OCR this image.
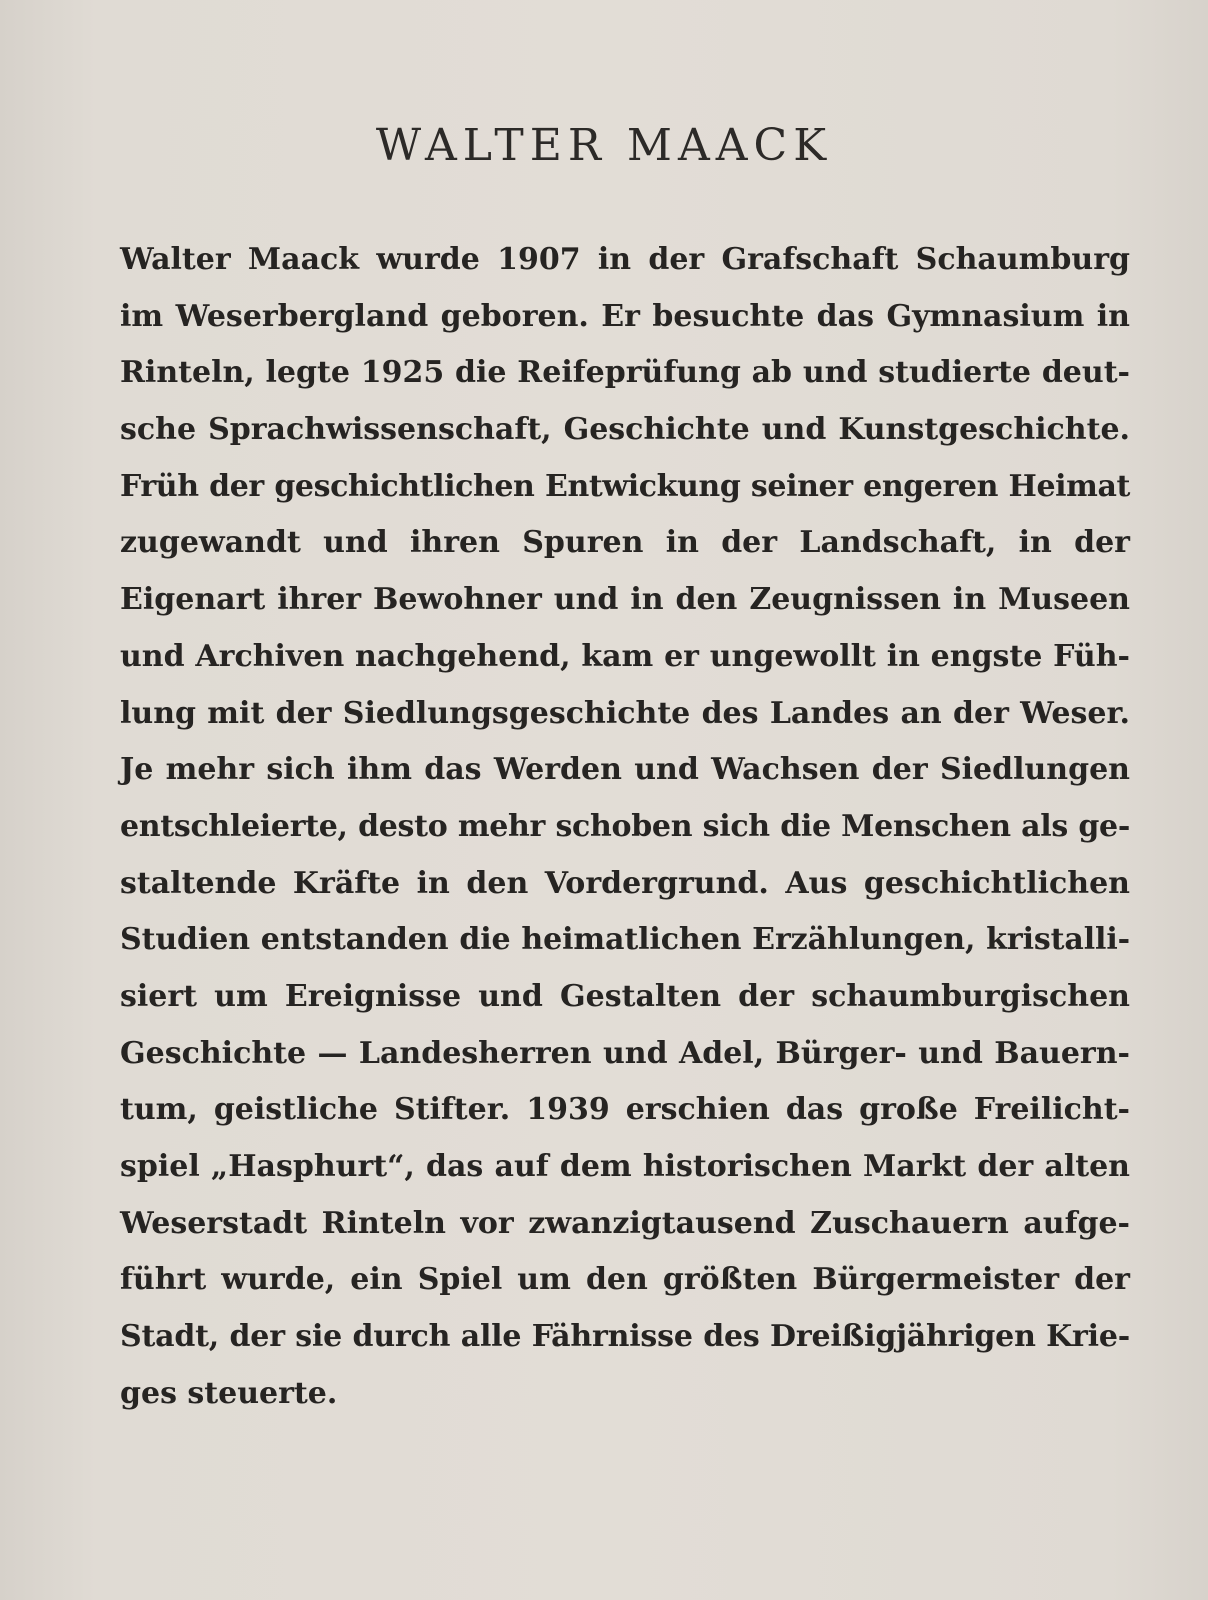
WALTER MAACK
Walter Maack wurde 1907 in der Grafschaft Schaumburg
im Weserbergland geboren. Er besuchte das Gymnasium in
Rinteln, legte 1925 die Reifeprüfung ab und studierte deut-
sche Sprachwissenschaft, Geschichte und Kunstgeschichte.
Früh der geschichtlichen Entwickung seiner engeren Heimat
zugewandt und ihren Spuren in der Landschaft, in der
Eigenart ihrer Bewohner und in den Zeugnissen in Museen
und Archiven nachgehend, kam er ungewollt in engste Füh-
lung mit der Siedlungsgeschichte des Landes an der Weser.
Je mehr sich ihm das Werden und Wachsen der Siedlungen
entschleierte, desto mehr schoben sich die Menschen als ge-
staltende Kräfte in den Vordergrund. Aus geschichtlichen
Studien entstanden die heimatlichen Erzählungen, kristalli-
siert um Ereignisse und Gestalten der schaumburgischen
Geschichte — Landesherren und Adel, Bürger- und Bauern-
tum, geistliche Stifter. 1939 erschien das große Freilicht-
spiel „Hasphurt“, das auf dem historischen Markt der alten
Weserstadt Rinteln vor zwanzigtausend Zuschauern aufge-
führt wurde, ein Spiel um den größten Bürgermeister der
Stadt, der sie durch alle Fährnisse des Dreißigjährigen Krie-
ges steuerte.
